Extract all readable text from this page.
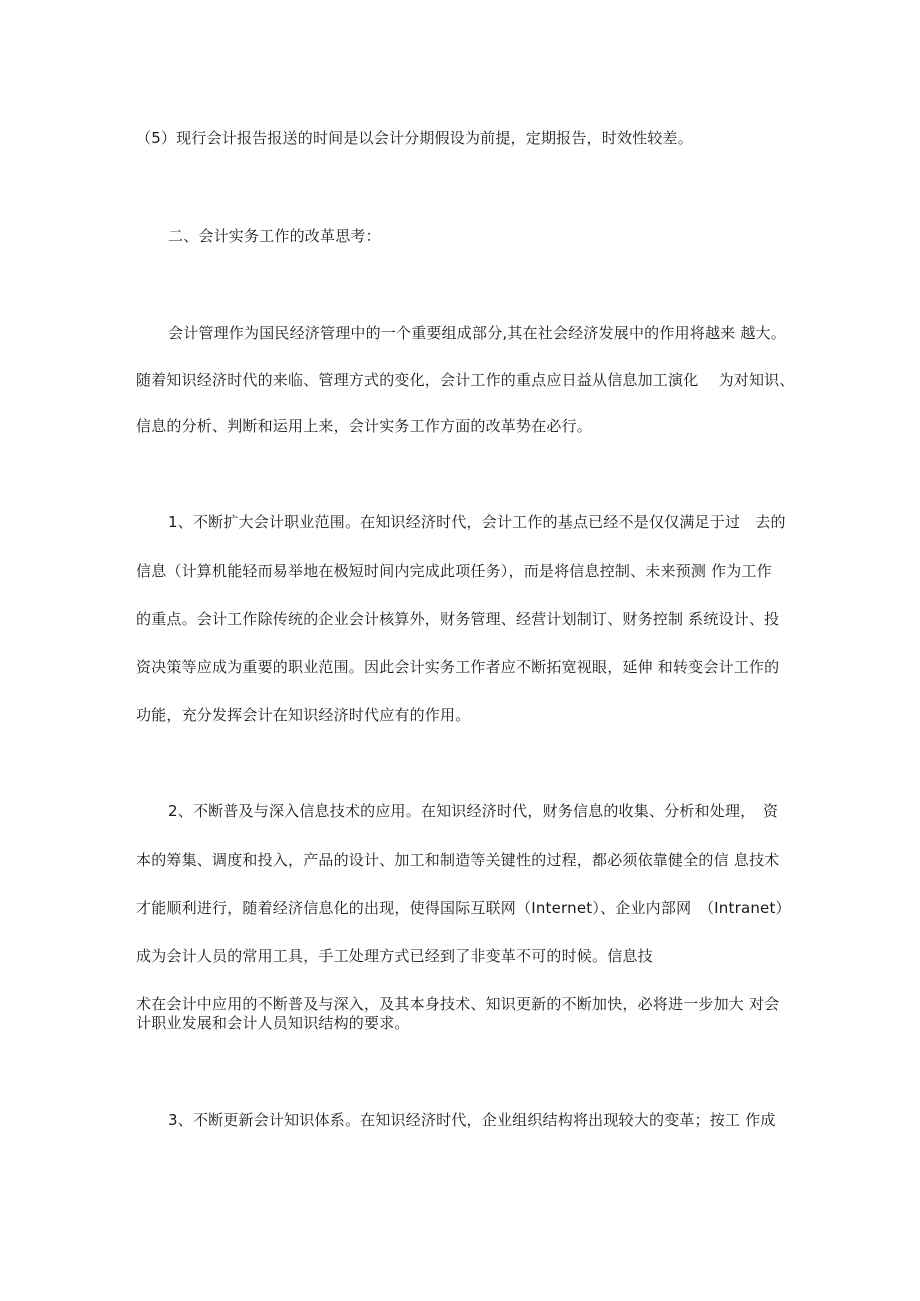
（5）现行会计报告报送的时间是以会计分期假设为前提，定期报告，时效性较差。
二、会计实务工作的改革思考：
会计管理作为国民经济管理中的一个重要组成部分,其在社会经济发展中的作用将越来 越大。
随着知识经济时代的来临、管理方式的变化，会计工作的重点应日益从信息加工演化　 为对知识、
信息的分析、判断和运用上来，会计实务工作方面的改革势在必行。
1、不断扩大会计职业范围。在知识经济时代，会计工作的基点已经不是仅仅满足于过　去的
信息（计算机能轻而易举地在极短时间内完成此项任务），而是将信息控制、未来预测 作为工作
的重点。会计工作除传统的企业会计核算外，财务管理、经营计划制订、财务控制 系统设计、投
资决策等应成为重要的职业范围。因此会计实务工作者应不断拓宽视眼，延伸 和转变会计工作的
功能，充分发挥会计在知识经济时代应有的作用。
2、不断普及与深入信息技术的应用。在知识经济时代，财务信息的收集、分析和处理，　资
本的筹集、调度和投入，产品的设计、加工和制造等关键性的过程，都必须依靠健全的信 息技术
才能顺利进行，随着经济信息化的出现，使得国际互联网（Internet）、企业内部网　（Intranet）
成为会计人员的常用工具，手工处理方式已经到了非变革不可的时候。信息技
术在会计中应用的不断普及与深入，及其本身技术、知识更新的不断加快，必将进一步加大 对会计职业发展和会计人员知识结构的要求。
3、不断更新会计知识体系。在知识经济时代，企业组织结构将出现较大的变革；按工 作成
